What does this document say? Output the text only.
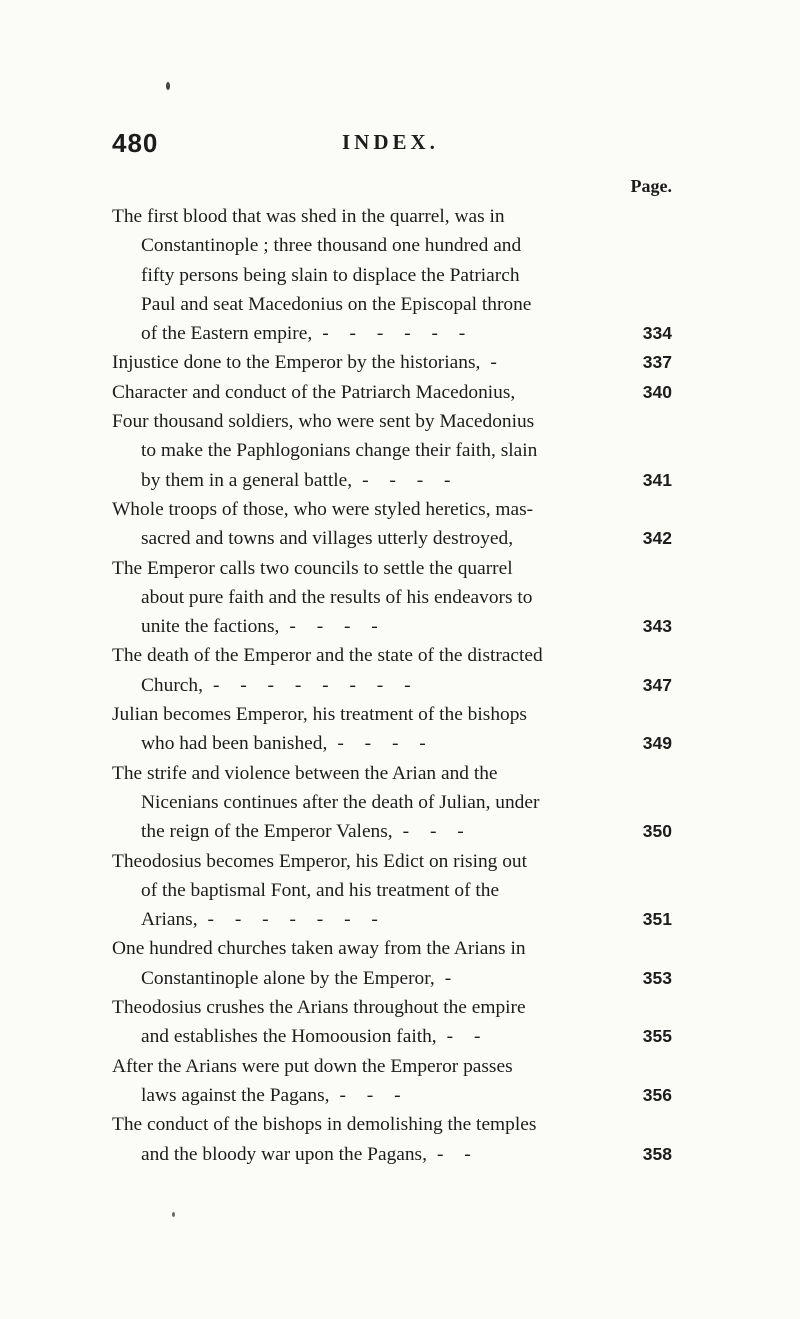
480	INDEX.
Page.
The first blood that was shed in the quarrel, was in
Constantinople ; three thousand one hundred and
fifty persons being slain to displace the Patriarch
Paul and seat Macedonius on the Episcopal throne
of the Eastern empire, - - - - - -	334
Injustice done to the Emperor by the historians, -	337
Character and conduct of the Patriarch Macedonius,	340
Four thousand soldiers, who were sent by Macedonius
to make the Paphlogonians change their faith, slain
by them in a general battle, - - - -	341
Whole troops of those, who were styled heretics, mas-
sacred and towns and villages utterly destroyed,	342
The Emperor calls two councils to settle the quarrel
about pure faith and the results of his endeavors to
unite the factions, - - - -	343
The death of the Emperor and the state of the distracted
Church, - - - - - - - -	347
Julian becomes Emperor, his treatment of the bishops
who had been banished, - - - -	349
The strife and violence between the Arian and the
Nicenians continues after the death of Julian, under
the reign of the Emperor Valens, - - -	350
Theodosius becomes Emperor, his Edict on rising out
of the baptismal Font, and his treatment of the
Arians, - - - - - - -	351
One hundred churches taken away from the Arians in
Constantinople alone by the Emperor, -	353
Theodosius crushes the Arians throughout the empire
and establishes the Homoousion faith, - -	355
After the Arians were put down the Emperor passes
laws against the Pagans, - - -	356
The conduct of the bishops in demolishing the temples
and the bloody war upon the Pagans, - -	358
